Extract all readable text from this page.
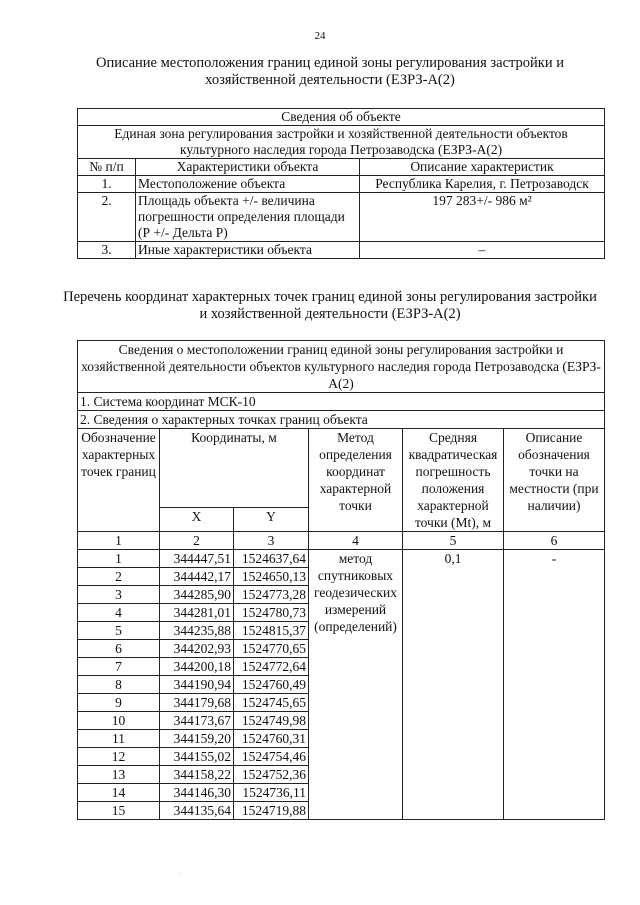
24
Описание местоположения границ единой зоны регулирования застройки и хозяйственной деятельности (ЕЗРЗ-А(2)
Сведения об объекте		
Единая зона регулирования застройки и хозяйственной деятельности объектов культурного наследия города Петрозаводска (ЕЗРЗ-А(2)		
№ п/п	Характеристики объекта	Описание характеристик
1.	Местоположение объекта	Республика Карелия, г. Петрозаводск
2.	Площадь объекта +/- величина погрешности определения площади (Р +/- Дельта Р)	197 283+/- 986 м²
3.	Иные характеристики объекта	–
Перечень координат характерных точек границ единой зоны регулирования застройки и хозяйственной деятельности (ЕЗРЗ-А(2)
Сведения о местоположении границ единой зоны регулирования застройки и хозяйственной деятельности объектов культурного наследия города Петрозаводска (ЕЗРЗ-А(2)					
1. Система координат МСК-10					
2. Сведения о характерных точках границ объекта					
Обозначение характерных точек границ	Координаты, м		Метод определения координат характерной точки	Средняя квадратическая погрешность положения характерной точки (Mt), м	Описание обозначения точки на местности (при наличии)
	X	Y			
1	2	3	4	5	6
1	344447,51	1524637,64	метод спутниковых геодезических измерений (определений)	0,1	-
2	344442,17	1524650,13			
3	344285,90	1524773,28			
4	344281,01	1524780,73			
5	344235,88	1524815,37			
6	344202,93	1524770,65			
7	344200,18	1524772,64			
8	344190,94	1524760,49			
9	344179,68	1524745,65			
10	344173,67	1524749,98			
11	344159,20	1524760,31			
12	344155,02	1524754,46			
13	344158,22	1524752,36			
14	344146,30	1524736,11			
15	344135,64	1524719,88			
.
